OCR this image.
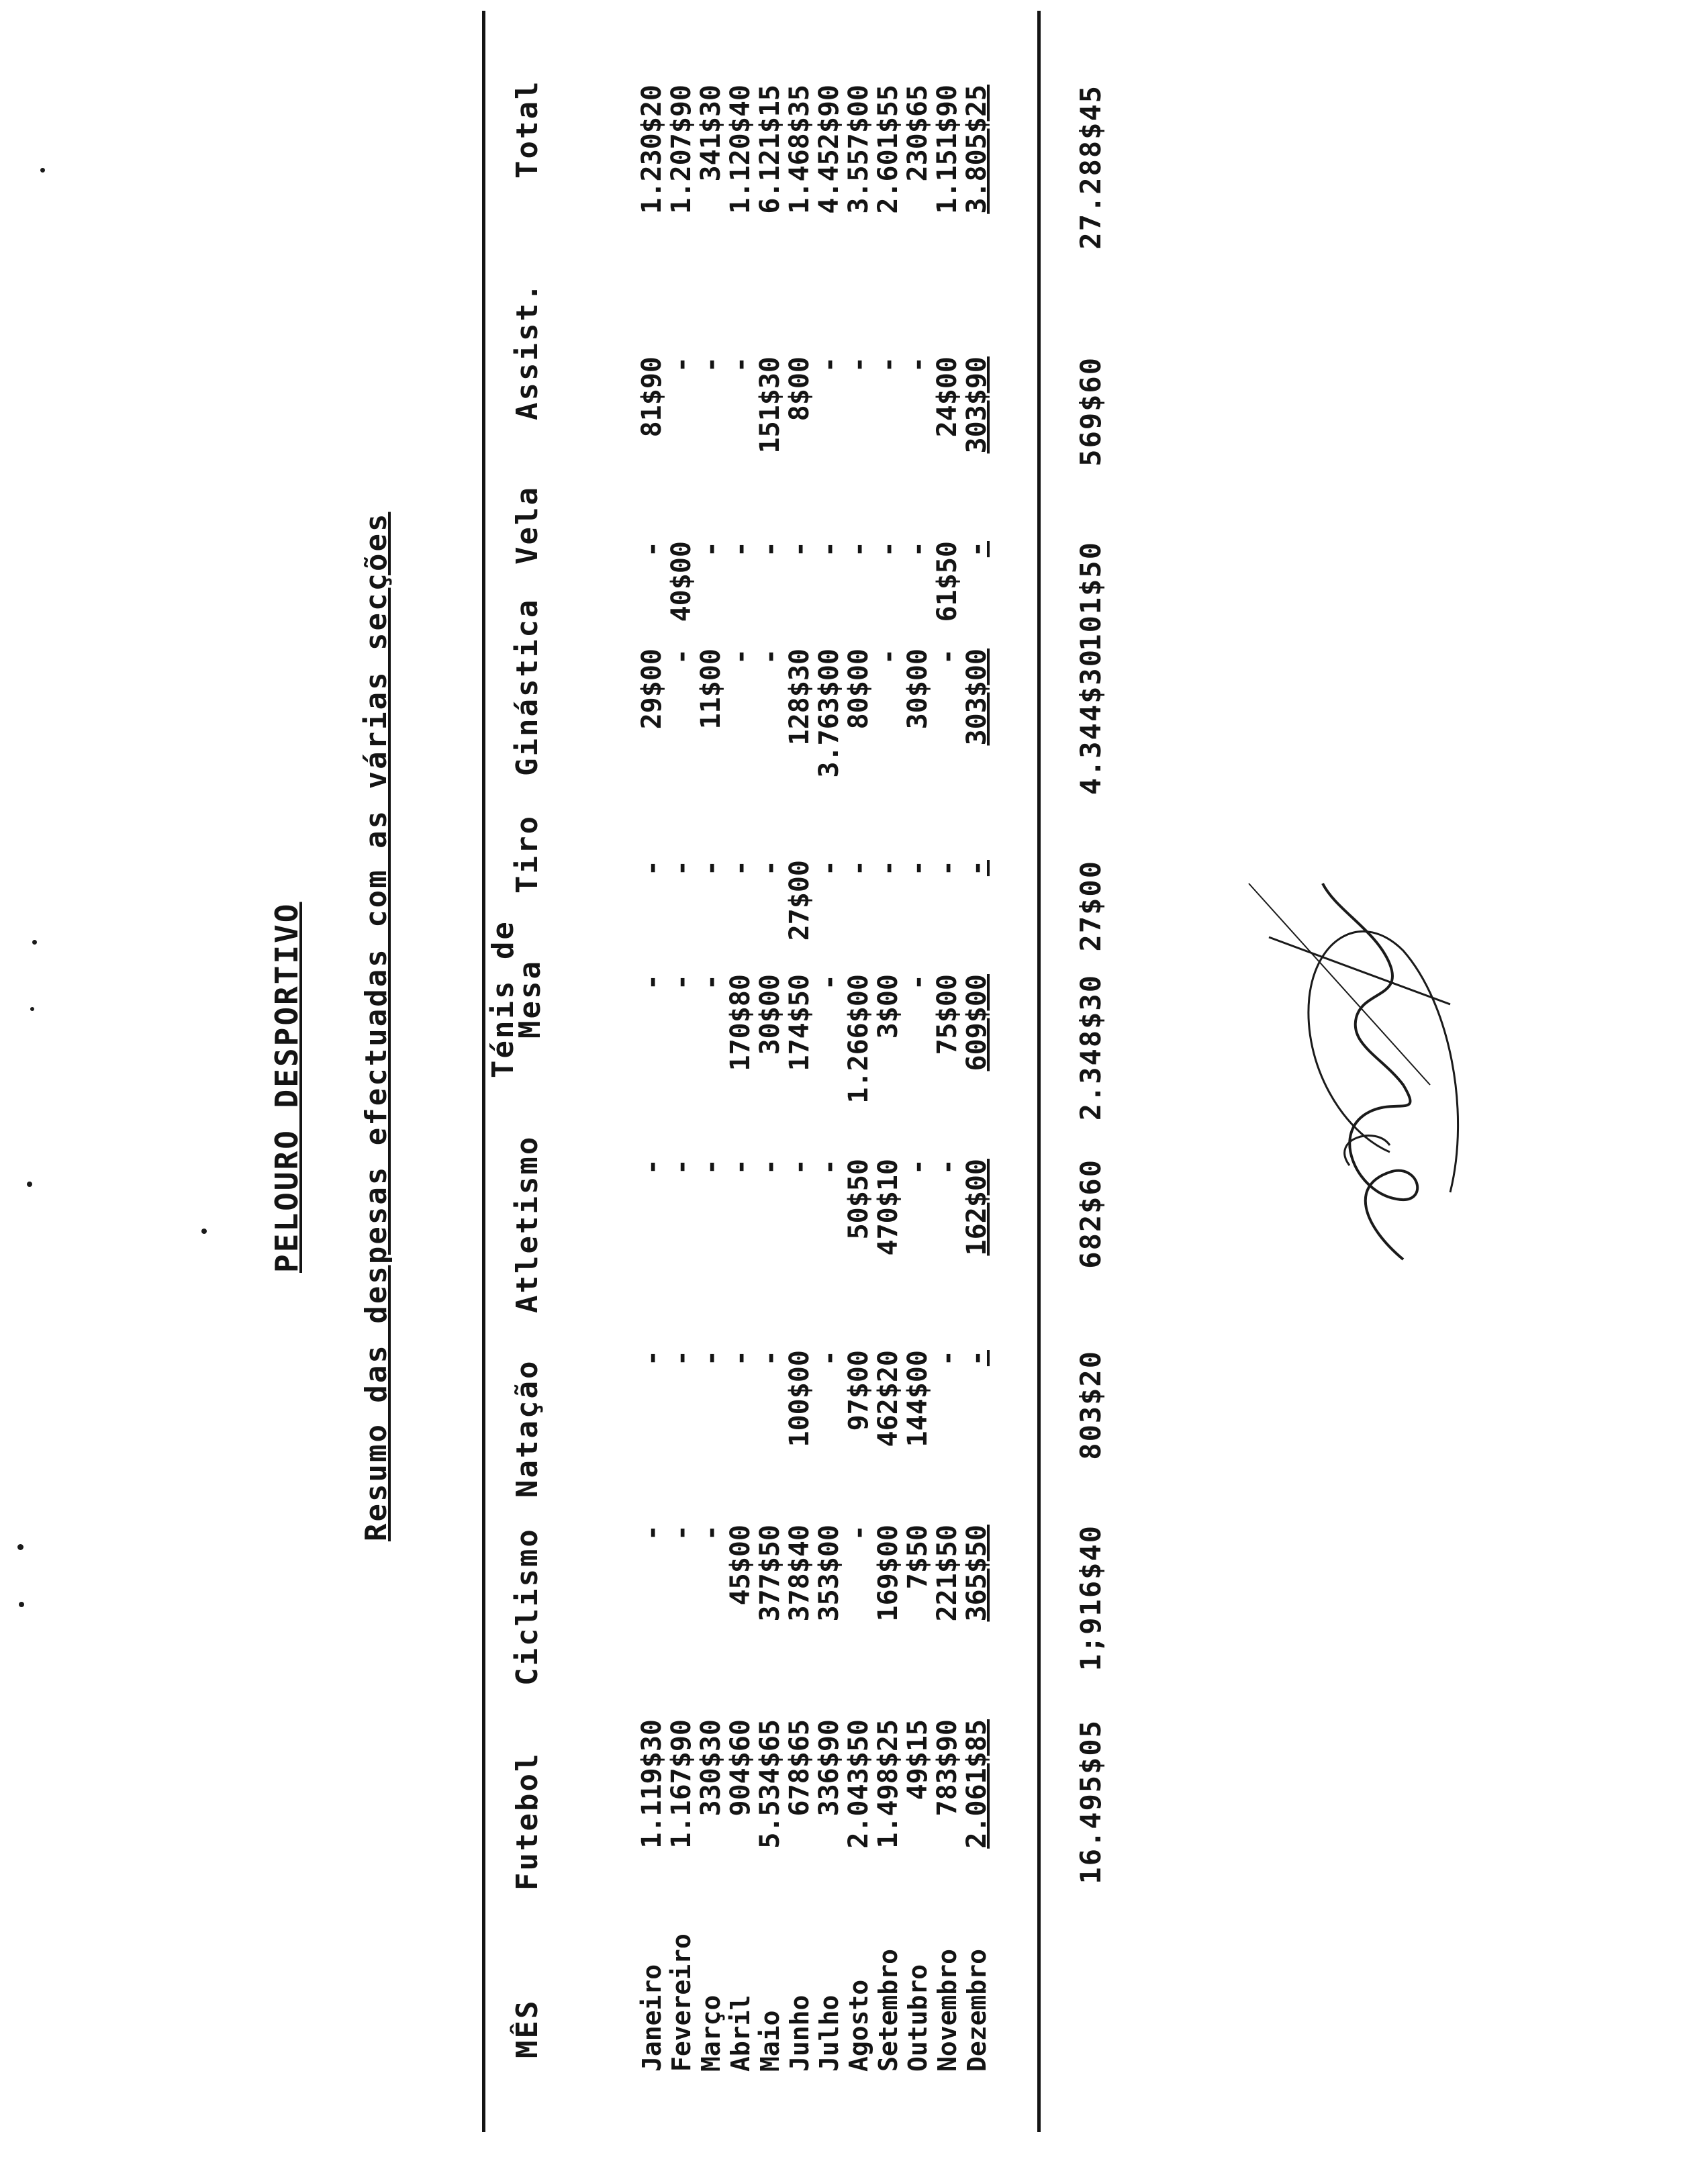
PELOURO DESPORTIVO Resumo das despesas efectuadas com as várias secções
MÊS
Futebol
Ciclismo
Natação
Atletismo
Ténis de
Mesa
Tiro
Ginástica
Vela
Assist.
Total
Janeiro
1.119$30
-
-
-
-
-
29$00
-
81$90
1.230$20
Fevereiro
1.167$90
-
-
-
-
-
-
40$00
-
1.207$90
Março
330$30
-
-
-
-
-
11$00
-
-
341$30
Abril
904$60
45$00
-
-
170$80
-
-
-
-
1.120$40
Maio
5.534$65
377$50
-
-
30$00
-
-
-
151$30
6.121$15
Junho
678$65
378$40
100$00
-
174$50
27$00
128$30
-
8$00
1.468$35
Julho
336$90
353$00
-
-
-
-
3.763$00
-
-
4.452$90
Agosto
2.043$50
-
97$00
50$50
1.266$00
-
80$00
-
-
3.557$00
Setembro
1.498$25
169$00
462$20
470$10
3$00
-
-
-
-
2.601$55
Outubro
49$15
7$50
144$00
-
-
-
30$00
-
-
230$65
Novembro
783$90
221$50
-
-
75$00
-
-
61$50
24$00
1.151$90
Dezembro
2.061$85
365$50
-
162$00
609$00
-
303$00
-
303$90
3.805$25
16.495$05
1;916$40
803$20
682$60
2.348$30
27$00
4.344$30
101$50
569$60
27.288$45
